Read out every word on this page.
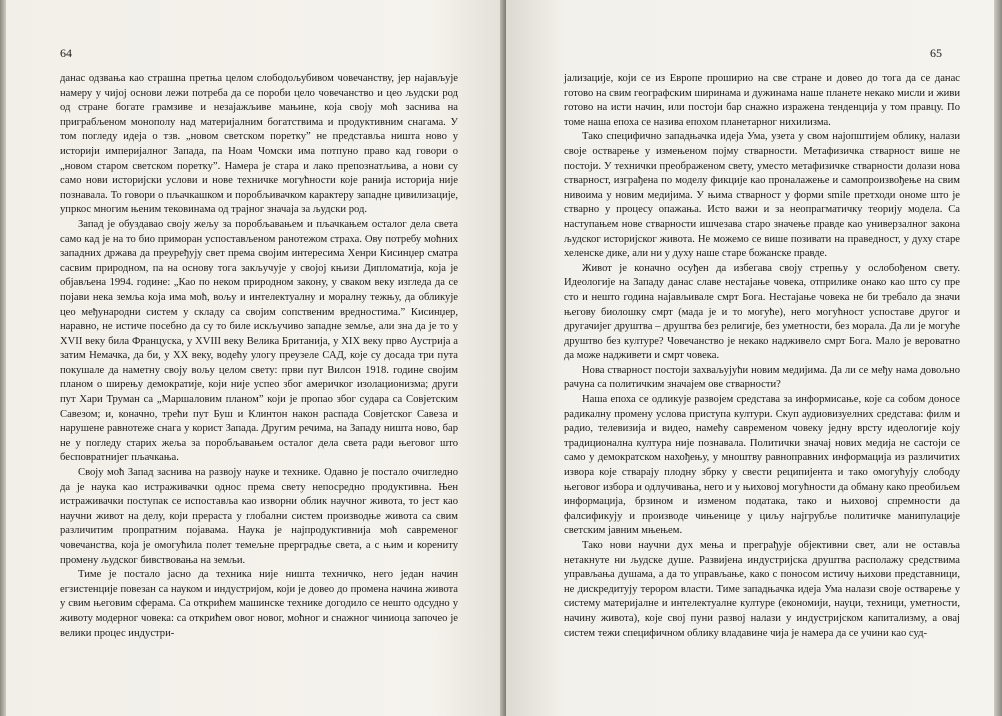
64

данас одзвања као страшна претња целом слободољубивом човечанству, јер најављује намеру у чијој основи лежи потреба да се пороби цело човечанство и цео људски род од стране богате грамзиве и незајажљиве мањине, која своју моћ заснива на пригрaбљеном монополу над материјалним богатствима и продуктивним снагама. У том погледу идеја о тзв. „новом светском поретку” не представља ништа ново у историји империјалног Запада, па Ноам Чомски има потпуно право кад говори о „новом старом светском поретку”. Намера је стара и лако препознатљива, а нови су само нови историјски услови и нове техничке могућности које ранија историја није познавала. То говори о пљачкашком и поробљивачком карактеру западне цивилизације, упркос многим њеним тековинама од трајног значаја за људски род.

Запад је обуздавао своју жељу за поробљавањем и пљачкањем осталог дела света само кад је на то био приморан успостављеном ранотежом страха. Ову потребу моћних западних држава да преуређују свет према својим интересима Хенри Кисинџер сматра сасвим природном, па на основу тога закључује у својој књизи Дипломатија, која је објављена 1994. године: „Као по неком природном закону, у сваком веку изгледа да се појави нека земља која има моћ, вољу и интелектуалну и моралну тежњу, да обликује цео међународни систем у складу са својим сопственим вредностима.” Кисинџер, наравно, не истиче посебно да су то биле искључиво западне земље, али зна да је то у XVII веку била Француска, у XVIII веку Велика Британија, у XIX веку прво Аустрија а затим Немачка, да би, у XX веку, водећу улогу преузеле САД, које су досада три пута покушале да наметну своју вољу целом свету: први пут Вилсон 1918. године својим планом о ширењу демократије, који није успео због америчког изолационизма; други пут Хари Труман са „Маршаловим планом” који је пропао због судара са Совјетским Савезом; и, коначно, трећи пут Буш и Клинтон након распада Совјетског Савеза и нарушене равнотеже снага у корист Запада. Другим речима, на Западу ништа ново, бар не у погледу старих жеља за поробљавањем осталог дела света ради његовог што бесповратнијег пљачкања.

Своју моћ Запад заснива на развоју науке и технике. Одавно је постало очигледно да је наука као истраживачки однос према свету непосредно продуктивна. Њен истраживачки поступак се испоставља као изворни облик научног живота, то јест као научни живот на делу, који прераста у глобални систем производње живота са свим различитим пропратним појавама. Наука је најпродуктивнија моћ савременог човечанства, која је омогућила полет темељне прерградње света, а с њим и корениту промену људског бивствовања на земљи.

Тиме је постало јасно да техника није ништа техничко, него један начин егзистенције повезан са науком и индустријом, који је довео до промена начина живота у свим његовим сферама. Са открићем машинске технике догодило се нешто одсудно у животу модерног човека: са открићем овог новог, моћног и снажног чиниоца започео је велики процес индустри-

65

јализације, који се из Европе проширио на све стране и довео до тога да се данас готово на свим географским ширинама и дужинама наше планете некако мисли и живи готово на исти начин, или постоји бар снажно изражена тенденција у том правцу. По томе наша епоха се назива епохом планетарног нихилизма.

Тако специфично западњачка идеја Ума, узета у свом најопштијем облику, налази своје остварење у измењеном појму стварности. Метафизичка стварност више не постоји. У технички преображеном свету, уместо метафизичке стварности долази нова стварност, изграђена по моделу фикције као проналажење и самопроизвођење на свим нивоима у новим медијима. У њима стварност у форми smile претходи ономе што је стварно у процесу опажања. Исто важи и за неопрагматичку теорију модела. Са наступањем нове стварности ишчезава старо значење правде као универзалног закона људског историјског живота. Не можемо се више позивати на праведност, у духу старе хеленске дике, али ни у духу наше старе божанске правде.

Живот је коначно осуђен да избегава своју стрепњу у ослобођеном свету. Идеологије на Западу данас славе нестајање човека, отприлике онако као што су пре сто и нешто година најављивале смрт Бога. Нестајање човека не би требало да значи његову биолошку смрт (мада је и то могуће), него могућност успоставе другог и другачијег друштва – друштва без религије, без уметности, без морала. Да ли је могуће друштво без културе? Човечанство је некако надживело смрт Бога. Мало је вероватно да може надживети и смрт човека.

Нова стварност постоји захваљујући новим медијима. Да ли се међу нама довољно рачуна са политичким значајем ове стварности?

Наша епоха се одликује развојем средстава за информисање, које са собом доносе радикалну промену услова приступа култури. Скуп аудиовизуелних средстава: филм и радио, телевизија и видео, намећу савременом човеку једну врсту идеологије коју традиционална култура није познавала. Политички значај нових медија не састоји се само у демократском нахођењу, у мноштву равноправних информација из различитих извора које стварају плодну збрку у свести реципијента и тако омогућују слободу његовог избора и одлучивања, него и у њиховој могућности да обману како преобиљем информација, брзином и изменом података, тако и њиховој спремности да фалсификују и производе чињенице у циљу најгрубље политичке манипулације светским јавним мњењем.

Тако нови научни дух мења и преграђује објективни свет, али не оставља нетакнуте ни људске душе. Развијена индустријска друштва располажу средствима управљања душама, а да то управљање, како с поносом истичу њихови представници, не дискредитују терором власти. Тиме западњачка идеја Ума налази своје остварење у систему материјалне и интелектуалне културе (економији, науци, техници, уметности, начину живота), које свој пуни развој налази у индустријском капитализму, а овај систем тежи специфичном облику владавине чија је намера да се учини као суд-
